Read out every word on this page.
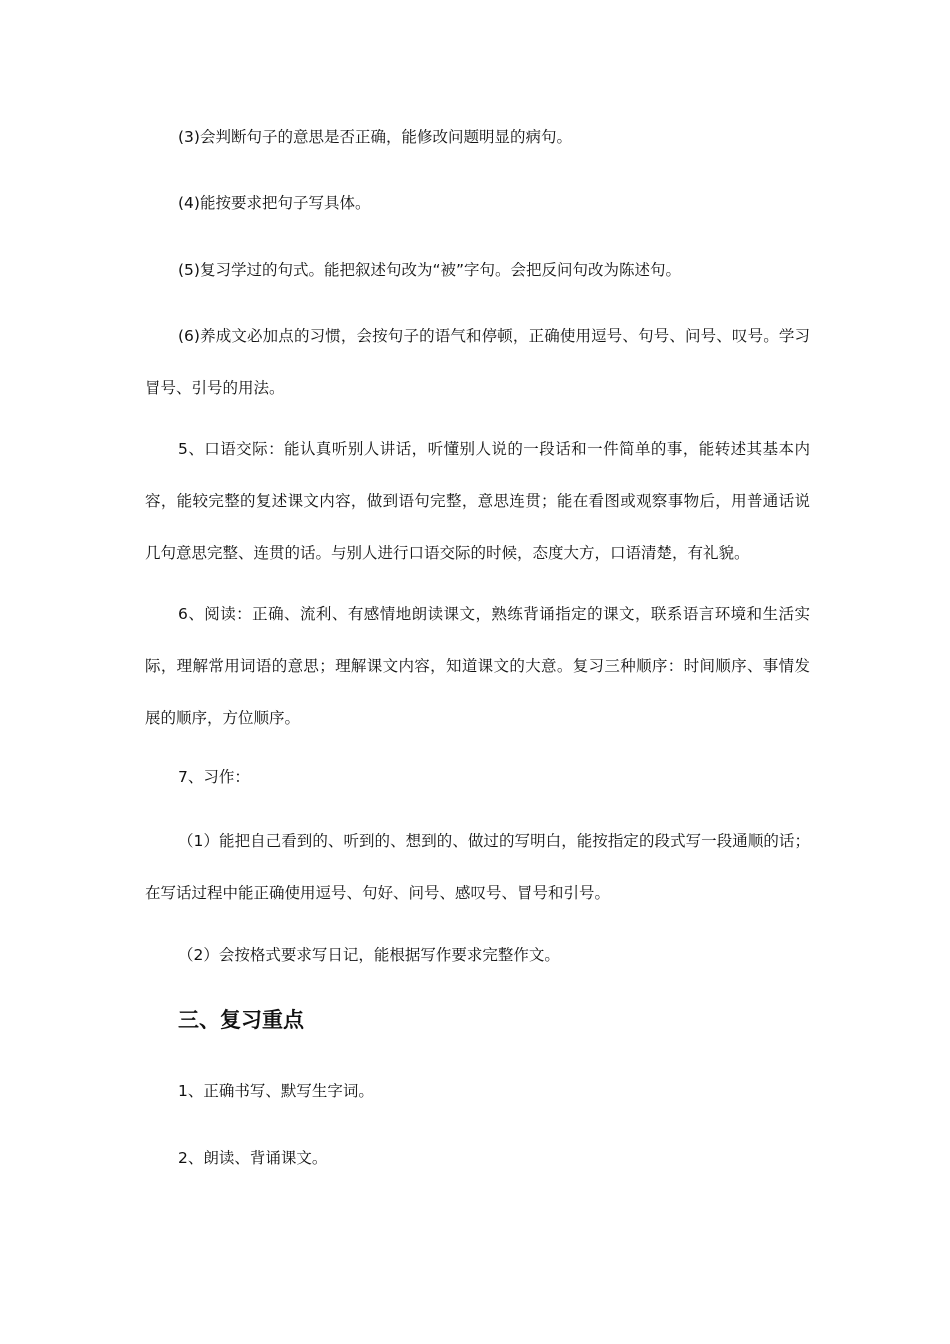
(3)会判断句子的意思是否正确，能修改问题明显的病句。

(4)能按要求把句子写具体。

(5)复习学过的句式。能把叙述句改为“被”字句。会把反问句改为陈述句。

(6)养成文必加点的习惯，会按句子的语气和停顿，正确使用逗号、句号、问号、叹号。学习冒号、引号的用法。

5、口语交际：能认真听别人讲话，听懂别人说的一段话和一件简单的事，能转述其基本内容，能较完整的复述课文内容，做到语句完整，意思连贯；能在看图或观察事物后，用普通话说几句意思完整、连贯的话。与别人进行口语交际的时候，态度大方，口语清楚，有礼貌。

6、阅读：正确、流利、有感情地朗读课文，熟练背诵指定的课文，联系语言环境和生活实际，理解常用词语的意思；理解课文内容，知道课文的大意。复习三种顺序：时间顺序、事情发展的顺序，方位顺序。

7、习作：

（1）能把自己看到的、听到的、想到的、做过的写明白，能按指定的段式写一段通顺的话；在写话过程中能正确使用逗号、句好、问号、感叹号、冒号和引号。

（2）会按格式要求写日记，能根据写作要求完整作文。

三、复习重点

1、正确书写、默写生字词。

2、朗读、背诵课文。
